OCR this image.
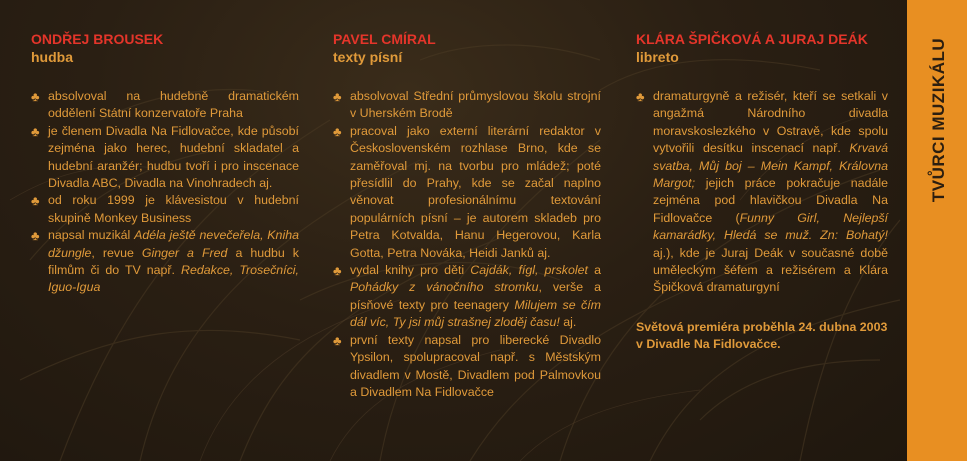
ONDŘEJ BROUSEK
hudba
♣ absolvoval na hudebně dramatickém oddělení Státní konzervatoře Praha
♣ je členem Divadla Na Fidlovačce, kde působí zejména jako herec, hudební skladatel a hudební aranžér; hudbu tvoří i pro inscenace Divadla ABC, Divadla na Vinohradech aj.
♣ od roku 1999 je klávesistou v hudební skupině Monkey Business
♣ napsal muzikál Adéla ještě nevečeřela, Kniha džungle, revue Ginger a Fred a hudbu k filmům či do TV např. Redakce, Trosečníci, Iguo-Igua
PAVEL CMÍRAL
texty písní
♣ absolvoval Střední průmyslovou školu strojní v Uherském Brodě
♣ pracoval jako externí literární redaktor v Československém rozhlase Brno, kde se zaměřoval mj. na tvorbu pro mládež; poté přesídlil do Prahy, kde se začal naplno věnovat profesionálnímu textování populárních písní – je autorem skladeb pro Petra Kotvalda, Hanu Hegerovou, Karla Gotta, Petra Nováka, Heidi Janků aj.
♣ vydal knihy pro děti Cajdák, fígl, prskolet a Pohádky z vánočního stromku, verše a písňové texty pro teenagery Milujem se čím dál víc, Ty jsi můj strašnej zloděj času! aj.
♣ první texty napsal pro liberecké Divadlo Ypsilon, spolupracoval např. s Městským divadlem v Mostě, Divadlem pod Palmovkou a Divadlem Na Fidlovačce
KLÁRA ŠPIČKOVÁ A JURAJ DEÁK
libreto
♣ dramaturgyně a režisér, kteří se setkali v angažmá Národního divadla moravskoslezkého v Ostravě, kde spolu vytvořili desítku inscenací např. Krvavá svatba, Můj boj – Mein Kampf, Královna Margot; jejich práce pokračuje nadále zejména pod hlavičkou Divadla Na Fidlovačce (Funny Girl, Nejlepší kamarádky, Hledá se muž. Zn: Bohatý! aj.), kde je Juraj Deák v současné době uměleckým šéfem a režisérem a Klára Špičková dramaturgyní
Světová premiéra proběhla 24. dubna 2003 v Divadle Na Fidlovačce.
TVŮRCI MUZIKÁLU
